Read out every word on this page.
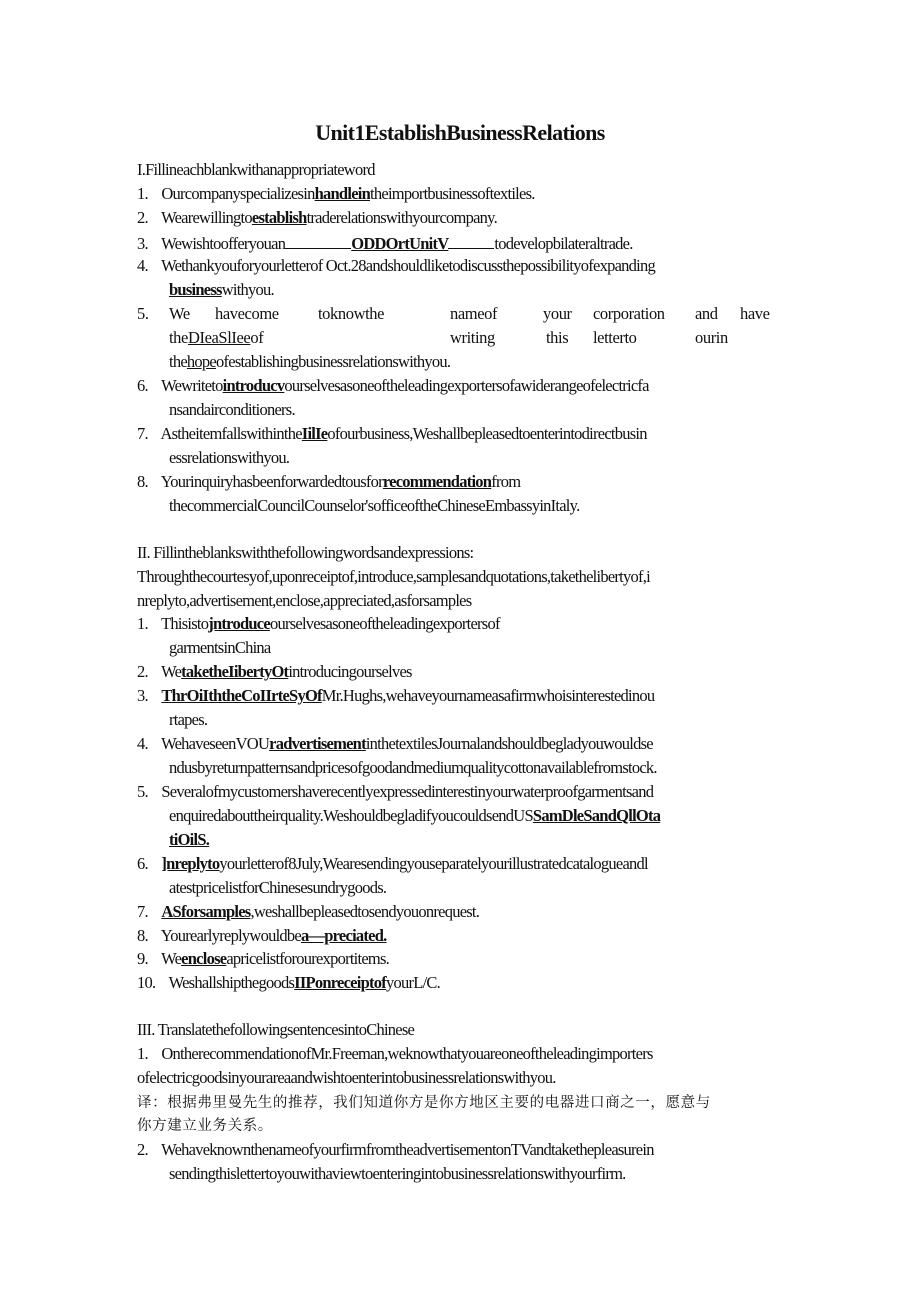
Unit1EstablishBusinessRelations
I.Fillineachblankwithanappropriateword
1. Ourcompanyspecializesinhandleintheimportbusinessoftextiles.
2. Wearewillingtoestablishtraderelationswithyourcompany.
3. Wewishtoofferyouan	ODDOrtUnitV	todevelopbilateraltrade.
4. Wethankyouforyourletterof Oct.28andshouldliketodiscussthepossibilityofexpanding
businesswithyou.
5. We havecome toknowthe	nameof	your corporation and have
theDIeaSlIeeof	writing	this letterto	ourin
thehopeofestablishingbusinessrelationswithyou.
6. Wewritetointroducvourselvesasoneoftheleadingexportersofawiderangeofelectricfa
nsandairconditioners.
7. AstheitemfallswithintheIilIeofourbusiness,Weshallbepleasedtoenterintodirectbusin
essrelationswithyou.
8. Yourinquiryhasbeenforwardedtousforrecommendationfrom
thecommercialCouncilCounselor'sofficeoftheChineseEmbassyinItaly.
II. Fillintheblankswiththefollowingwordsandexpressions:
Throughthecourtesyof,uponreceiptof,introduce,samplesandquotations,takethelibertyof,i
nreplyto,advertisement,enclose,appreciated,asforsamples
1. Thisistojntroduceourselvesasoneoftheleadingexportersof
garmentsinChina
2. WetaketheIibertyOtintroducingourselves
3. ThrOiIththeCoIIrteSyOfMr.Hughs,wehaveyournameasafirmwhoisinterestedinou
rtapes.
4. WehaveseenVOUradvertisementinthetextilesJournalandshouldbegladyouwouldse
ndusbyreturnpatternsandpricesofgoodandmediumqualitycottonavailablefromstock.
5. Severalofmycustomershaverecentlyexpressedinterestinyourwaterproofgarmentsand
enquiredabouttheirquality.WeshouldbegladifyoucouldsendUSSamDleSandQllOta
tiOilS.
6. ]nreplytoyourletterof8July,Wearesendingyouseparatelyourillustratedcatalogueandl
atestpricelistforChinesesundrygoods.
7. ASforsamples,weshallbepleasedtosendyouonrequest.
8. Yourearlyreplywouldbea—preciated.
9. Weencloseapricelistforourexportitems.
10. WeshallshipthegoodsIIPonreceiptofyourL/C.
III. TranslatethefollowingsentencesintoChinese
1. OntherecommendationofMr.Freeman,weknowthatyouareoneoftheleadingimporters
ofelectricgoodsinyourareaandwishtoenterintobusinessrelationswithyou.
译：根据弗里曼先生的推荐，我们知道你方是你方地区主要的电器进口商之一，愿意与
你方建立业务关系。
2. WehaveknownthenameofyourfirmfromtheadvertisementonTVandtakethepleasurein
sendingthislettertoyouwithaviewtoenteringintobusinessrelationswithyourfirm.
